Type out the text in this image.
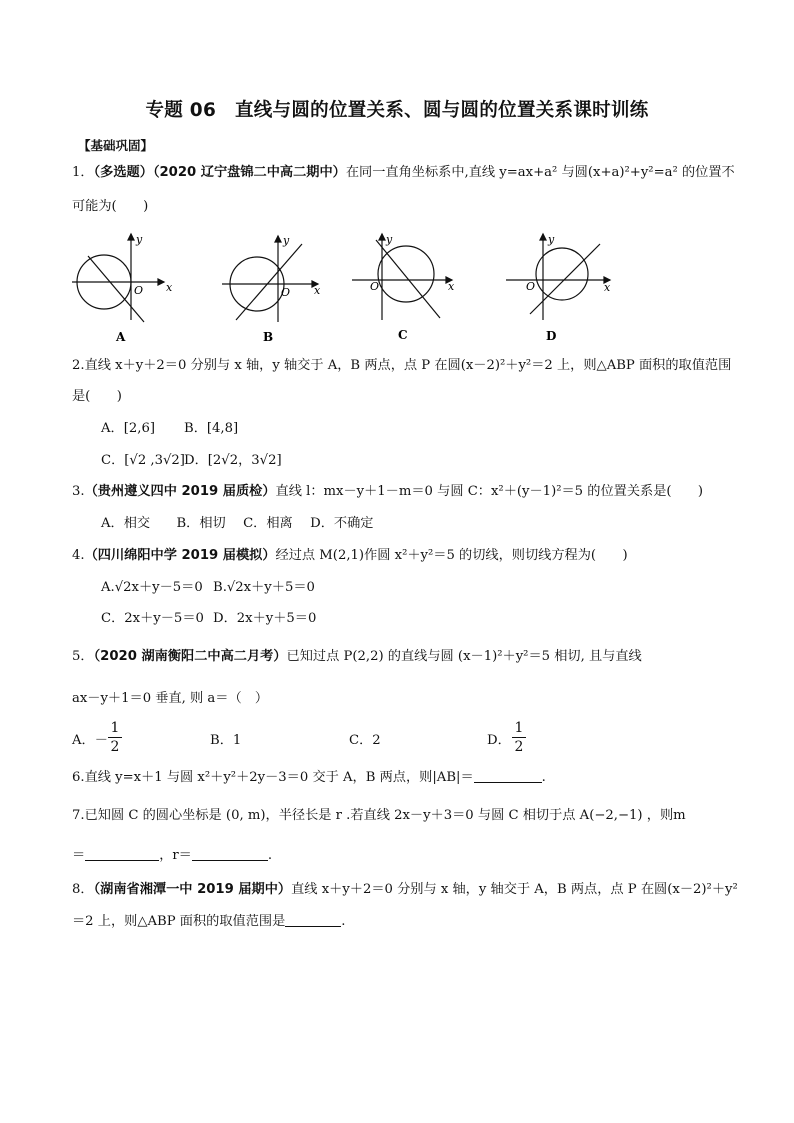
专题 06　直线与圆的位置关系、圆与圆的位置关系课时训练
【基础巩固】
1．（多选题）（2020 辽宁盘锦二中高二期中）在同一直角坐标系中,直线 y=ax+a² 与圆(x+a)²+y²=a² 的位置不
可能为(　　)
O x
y
A
O x
y
B
O	x
y
C
O	x
y
D
2.直线 x＋y＋2＝0 分别与 x 轴，y 轴交于 A，B 两点，点 P 在圆(x－2)²＋y²＝2 上，则△ABP 面积的取值范围
是(　　)
A．[2,6] B．[4,8]
C．[√2 ,3√2] D．[2√2，3√2]
3.（贵州遵义四中 2019 届质检）直线 l：mx－y＋1－m＝0 与圆 C：x²＋(y－1)²＝5 的位置关系是(　　)
A．相交　　B．相切　 C．相离　 D．不确定
4.（四川绵阳中学 2019 届模拟）经过点 M(2,1)作圆 x²＋y²＝5 的切线，则切线方程为(　　)
A.√2x＋y－5＝0 B.√2x＋y＋5＝0
C．2x＋y－5＝0 D．2x＋y＋5＝0
5．（2020 湖南衡阳二中高二月考）已知过点 P(2,2) 的直线与圆 (x－1)²＋y²＝5 相切, 且与直线
ax－y＋1＝0 垂直, 则 a＝（　）
A．－
1
2	B．1	C．2	D．
1
2
6.直线 y=x＋1 与圆 x²＋y²＋2y－3＝0 交于 A，B 两点，则|AB|＝	.
7.已知圆 C 的圆心坐标是 (0, m)，半径长是 r .若直线 2x－y＋3＝0 与圆 C 相切于点 A(−2,−1) ，则m
＝	，r＝	.
8．（湖南省湘潭一中 2019 届期中）直线 x＋y＋2＝0 分别与 x 轴，y 轴交于 A，B 两点，点 P 在圆(x－2)²＋y²
＝2 上，则△ABP 面积的取值范围是	.
